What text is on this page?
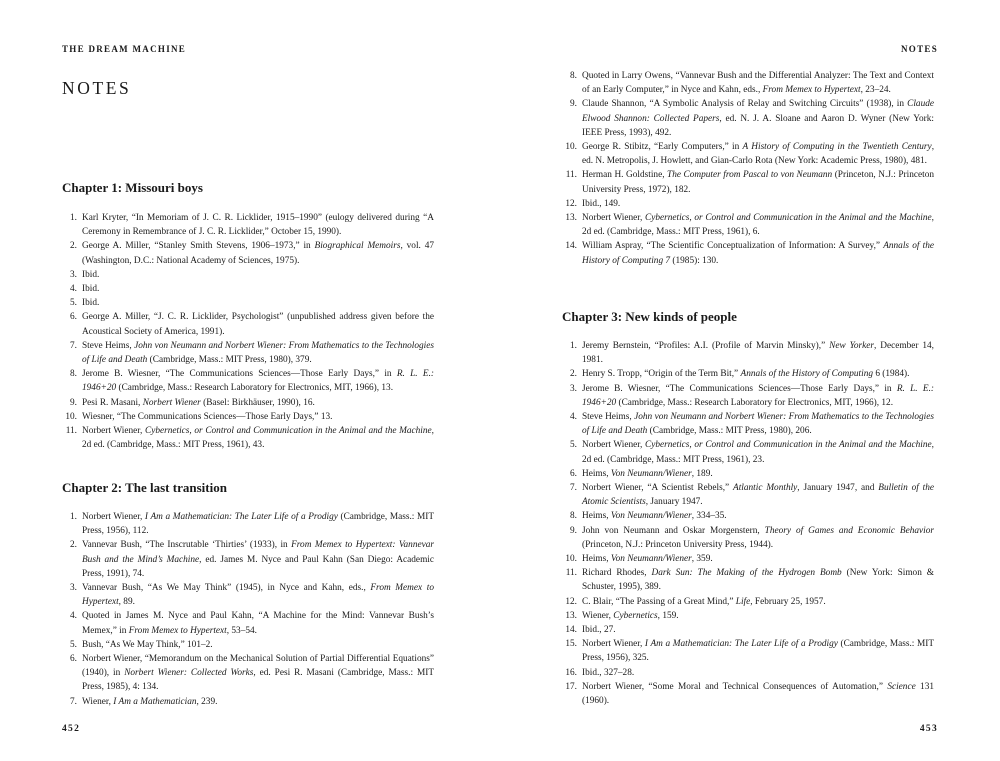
THE DREAM MACHINE
NOTES
Chapter 1: Missouri boys
1. Karl Kryter, “In Memoriam of J. C. R. Licklider, 1915–1990” (eulogy delivered during “A Ceremony in Remembrance of J. C. R. Licklider,” October 15, 1990).
2. George A. Miller, “Stanley Smith Stevens, 1906–1973,” in Biographical Memoirs, vol. 47 (Washington, D.C.: National Academy of Sciences, 1975).
3. Ibid.
4. Ibid.
5. Ibid.
6. George A. Miller, “J. C. R. Licklider, Psychologist” (unpublished address given before the Acoustical Society of America, 1991).
7. Steve Heims, John von Neumann and Norbert Wiener: From Mathematics to the Technologies of Life and Death (Cambridge, Mass.: MIT Press, 1980), 379.
8. Jerome B. Wiesner, “The Communications Sciences—Those Early Days,” in R. L. E.: 1946+20 (Cambridge, Mass.: Research Laboratory for Electronics, MIT, 1966), 13.
9. Pesi R. Masani, Norbert Wiener (Basel: Birkhäuser, 1990), 16.
10. Wiesner, “The Communications Sciences—Those Early Days,” 13.
11. Norbert Wiener, Cybernetics, or Control and Communication in the Animal and the Machine, 2d ed. (Cambridge, Mass.: MIT Press, 1961), 43.
Chapter 2: The last transition
1. Norbert Wiener, I Am a Mathematician: The Later Life of a Prodigy (Cambridge, Mass.: MIT Press, 1956), 112.
2. Vannevar Bush, “The Inscrutable ‘Thirties’ (1933), in From Memex to Hypertext: Vannevar Bush and the Mind’s Machine, ed. James M. Nyce and Paul Kahn (San Diego: Academic Press, 1991), 74.
3. Vannevar Bush, “As We May Think” (1945), in Nyce and Kahn, eds., From Memex to Hypertext, 89.
4. Quoted in James M. Nyce and Paul Kahn, “A Machine for the Mind: Vannevar Bush’s Memex,” in From Memex to Hypertext, 53–54.
5. Bush, “As We May Think,” 101–2.
6. Norbert Wiener, “Memorandum on the Mechanical Solution of Partial Differential Equations” (1940), in Norbert Wiener: Collected Works, ed. Pesi R. Masani (Cambridge, Mass.: MIT Press, 1985), 4: 134.
7. Wiener, I Am a Mathematician, 239.
452
NOTES
8. Quoted in Larry Owens, “Vannevar Bush and the Differential Analyzer: The Text and Context of an Early Computer,” in Nyce and Kahn, eds., From Memex to Hypertext, 23–24.
9. Claude Shannon, “A Symbolic Analysis of Relay and Switching Circuits” (1938), in Claude Elwood Shannon: Collected Papers, ed. N. J. A. Sloane and Aaron D. Wyner (New York: IEEE Press, 1993), 492.
10. George R. Stibitz, “Early Computers,” in A History of Computing in the Twentieth Century, ed. N. Metropolis, J. Howlett, and Gian-Carlo Rota (New York: Academic Press, 1980), 481.
11. Herman H. Goldstine, The Computer from Pascal to von Neumann (Princeton, N.J.: Princeton University Press, 1972), 182.
12. Ibid., 149.
13. Norbert Wiener, Cybernetics, or Control and Communication in the Animal and the Machine, 2d ed. (Cambridge, Mass.: MIT Press, 1961), 6.
14. William Aspray, “The Scientific Conceptualization of Information: A Survey,” Annals of the History of Computing 7 (1985): 130.
Chapter 3: New kinds of people
1. Jeremy Bernstein, “Profiles: A.I. (Profile of Marvin Minsky),” New Yorker, December 14, 1981.
2. Henry S. Tropp, “Origin of the Term Bit,” Annals of the History of Computing 6 (1984).
3. Jerome B. Wiesner, “The Communications Sciences—Those Early Days,” in R. L. E.: 1946+20 (Cambridge, Mass.: Research Laboratory for Electronics, MIT, 1966), 12.
4. Steve Heims, John von Neumann and Norbert Wiener: From Mathematics to the Technologies of Life and Death (Cambridge, Mass.: MIT Press, 1980), 206.
5. Norbert Wiener, Cybernetics, or Control and Communication in the Animal and the Machine, 2d ed. (Cambridge, Mass.: MIT Press, 1961), 23.
6. Heims, Von Neumann/Wiener, 189.
7. Norbert Wiener, “A Scientist Rebels,” Atlantic Monthly, January 1947, and Bulletin of the Atomic Scientists, January 1947.
8. Heims, Von Neumann/Wiener, 334–35.
9. John von Neumann and Oskar Morgenstern, Theory of Games and Economic Behavior (Princeton, N.J.: Princeton University Press, 1944).
10. Heims, Von Neumann/Wiener, 359.
11. Richard Rhodes, Dark Sun: The Making of the Hydrogen Bomb (New York: Simon & Schuster, 1995), 389.
12. C. Blair, “The Passing of a Great Mind,” Life, February 25, 1957.
13. Wiener, Cybernetics, 159.
14. Ibid., 27.
15. Norbert Wiener, I Am a Mathematician: The Later Life of a Prodigy (Cambridge, Mass.: MIT Press, 1956), 325.
16. Ibid., 327–28.
17. Norbert Wiener, “Some Moral and Technical Consequences of Automation,” Science 131 (1960).
453
